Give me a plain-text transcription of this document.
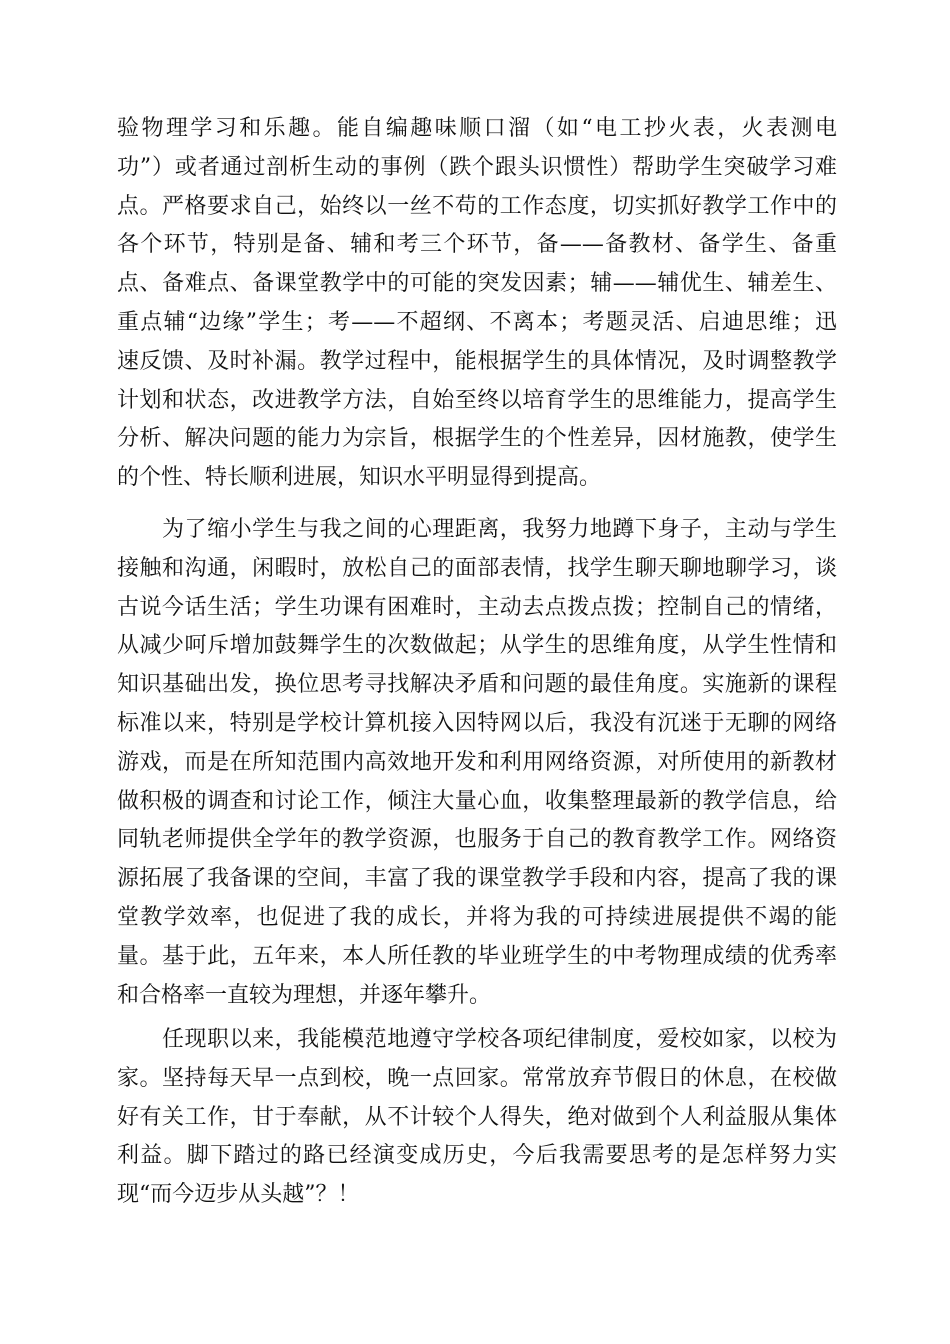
验物理学习和乐趣。能自编趣味顺口溜（如“电工抄火表，火表测电
功”）或者通过剖析生动的事例（跌个跟头识惯性）帮助学生突破学习难
点。严格要求自己，始终以一丝不苟的工作态度，切实抓好教学工作中的
各个环节，特别是备、辅和考三个环节，备——备教材、备学生、备重
点、备难点、备课堂教学中的可能的突发因素；辅——辅优生、辅差生、
重点辅“边缘”学生；考——不超纲、不离本；考题灵活、启迪思维；迅
速反馈、及时补漏。教学过程中，能根据学生的具体情况，及时调整教学
计划和状态，改进教学方法，自始至终以培育学生的思维能力，提高学生
分析、解决问题的能力为宗旨，根据学生的个性差异，因材施教，使学生
的个性、特长顺利进展，知识水平明显得到提高。
　　为了缩小学生与我之间的心理距离，我努力地蹲下身子，主动与学生
接触和沟通，闲暇时，放松自己的面部表情，找学生聊天聊地聊学习，谈
古说今话生活；学生功课有困难时，主动去点拨点拨；控制自己的情绪，
从减少呵斥增加鼓舞学生的次数做起；从学生的思维角度，从学生性情和
知识基础出发，换位思考寻找解决矛盾和问题的最佳角度。实施新的课程
标准以来，特别是学校计算机接入因特网以后，我没有沉迷于无聊的网络
游戏，而是在所知范围内高效地开发和利用网络资源，对所使用的新教材
做积极的调查和讨论工作，倾注大量心血，收集整理最新的教学信息，给
同轨老师提供全学年的教学资源，也服务于自己的教育教学工作。网络资
源拓展了我备课的空间，丰富了我的课堂教学手段和内容，提高了我的课
堂教学效率，也促进了我的成长，并将为我的可持续进展提供不竭的能
量。基于此，五年来，本人所任教的毕业班学生的中考物理成绩的优秀率
和合格率一直较为理想，并逐年攀升。
　　任现职以来，我能模范地遵守学校各项纪律制度，爱校如家，以校为
家。坚持每天早一点到校，晚一点回家。常常放弃节假日的休息，在校做
好有关工作，甘于奉献，从不计较个人得失，绝对做到个人利益服从集体
利益。脚下踏过的路已经演变成历史，今后我需要思考的是怎样努力实
现“而今迈步从头越”？！
